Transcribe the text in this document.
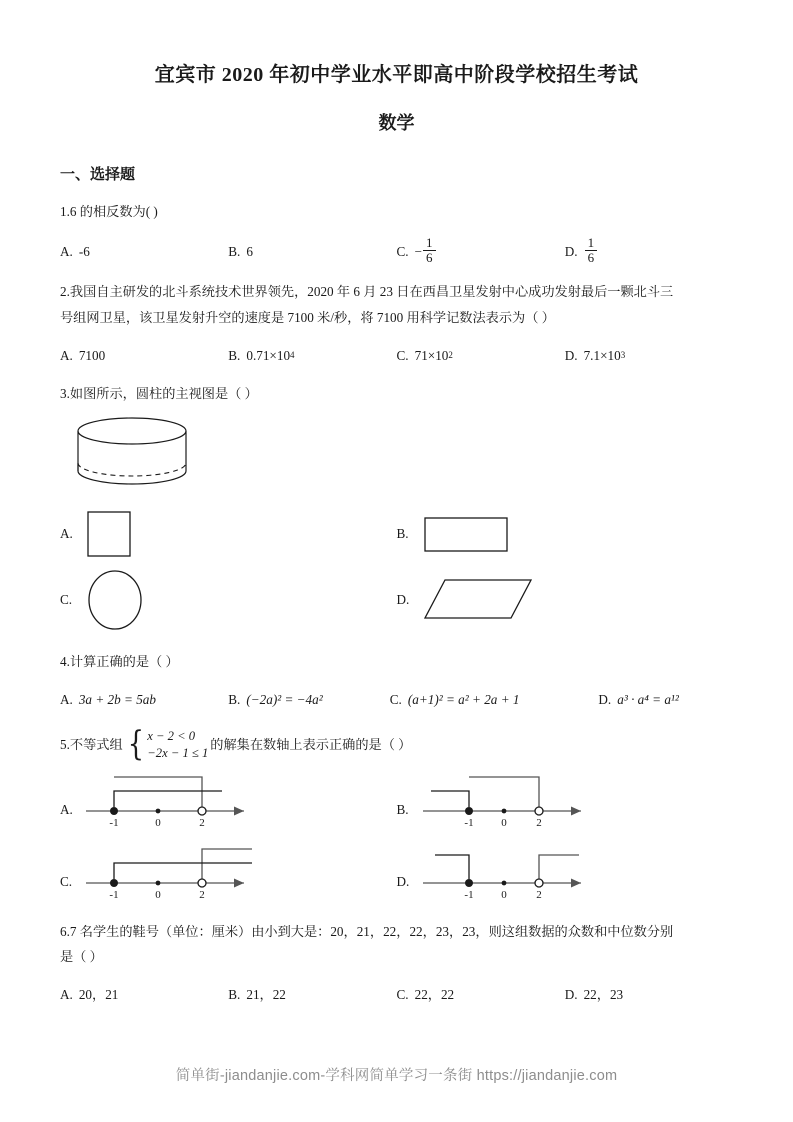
宜宾市 2020 年初中学业水平即高中阶段学校招生考试
数学
一、选择题
1.6 的相反数为( )
A. -6	B. 6	C. − $\frac{1}{6}$	D. $\frac{1}{6}$
2.我国自主研发的北斗系统技术世界领先，2020 年 6 月 23 日在西昌卫星发射中心成功发射最后一颗北斗三
号组网卫星，该卫星发射升空的速度是 7100 米/秒，将 7100 用科学记数法表示为（ ）
A. 7100	B. 0.71×10 4	C. 71×10 2	D. 7.1×10 3
3.如图所示，圆柱的主视图是（ ）
A.	B.
C.	D.
4.计算正确的是（ ）
A. 3a + 2b = 5ab	B. (−2a)² = −4a²	C. (a+1)² = a² + 2a + 1	D. a³ · a⁴ = a¹²
5.不等式组 { x − 2 < 0
−2x − 1 ≤ 1
的解集在数轴上表示正确的是（ ）
A.
-1	0	2
B.
-1	0	2
C.
-1	0	2
D.
-1	0	2
6.7 名学生的鞋号（单位：厘米）由小到大是：20，21，22，22，23，23，则这组数据的众数和中位数分别
是（ ）
A. 20，21	B. 21，22	C. 22，22	D. 22，23
简单街-jiandanjie.com-学科网简单学习一条街 https://jiandanjie.com
